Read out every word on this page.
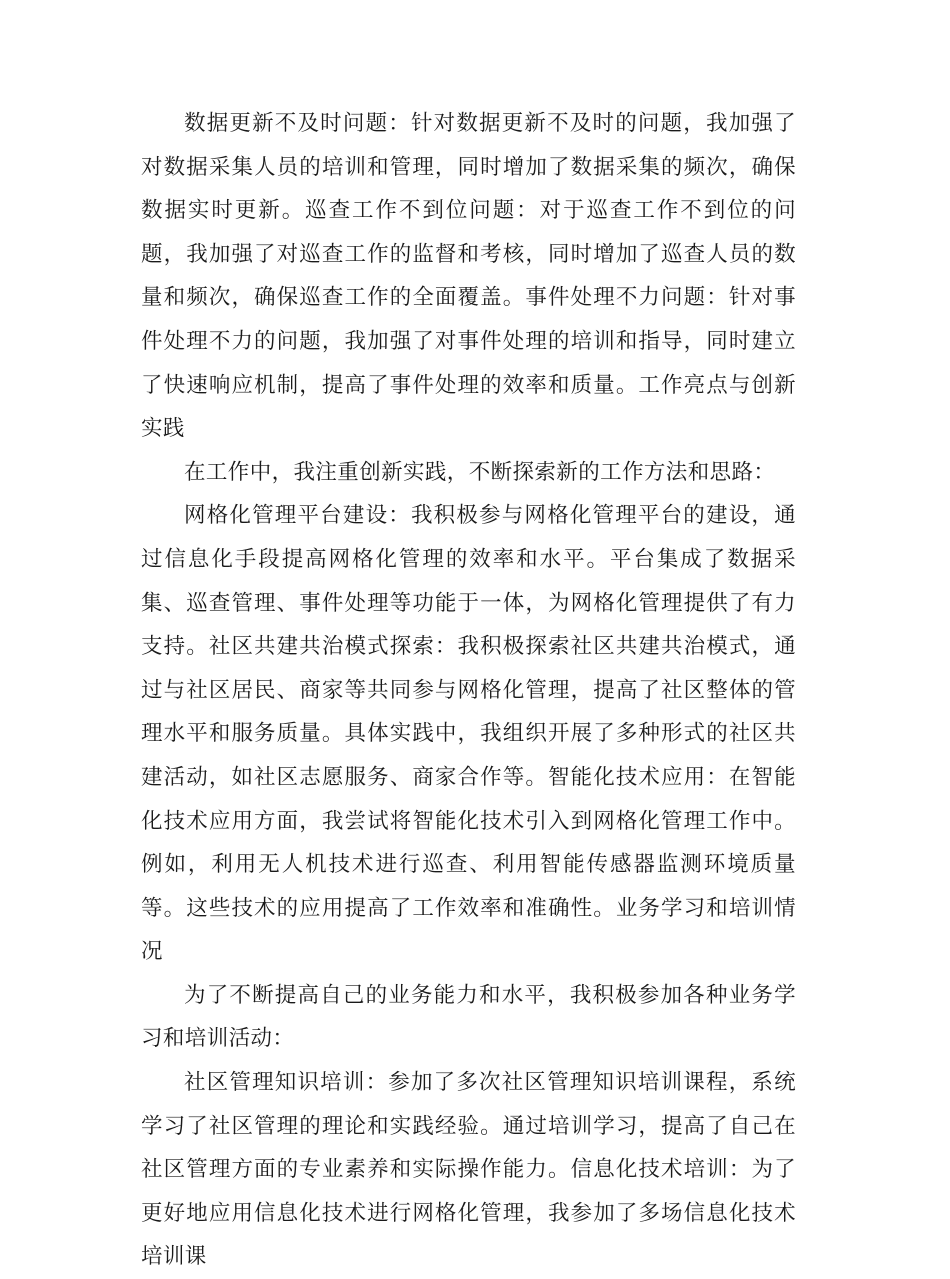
数据更新不及时问题：针对数据更新不及时的问题，我加强了对数据采集人员的培训和管理，同时增加了数据采集的频次，确保数据实时更新。巡查工作不到位问题：对于巡查工作不到位的问题，我加强了对巡查工作的监督和考核，同时增加了巡查人员的数量和频次，确保巡查工作的全面覆盖。事件处理不力问题：针对事件处理不力的问题，我加强了对事件处理的培训和指导，同时建立了快速响应机制，提高了事件处理的效率和质量。工作亮点与创新实践

在工作中，我注重创新实践，不断探索新的工作方法和思路：

网格化管理平台建设：我积极参与网格化管理平台的建设，通过信息化手段提高网格化管理的效率和水平。平台集成了数据采集、巡查管理、事件处理等功能于一体，为网格化管理提供了有力支持。社区共建共治模式探索：我积极探索社区共建共治模式，通过与社区居民、商家等共同参与网格化管理，提高了社区整体的管理水平和服务质量。具体实践中，我组织开展了多种形式的社区共建活动，如社区志愿服务、商家合作等。智能化技术应用：在智能化技术应用方面，我尝试将智能化技术引入到网格化管理工作中。例如，利用无人机技术进行巡查、利用智能传感器监测环境质量等。这些技术的应用提高了工作效率和准确性。业务学习和培训情况

为了不断提高自己的业务能力和水平，我积极参加各种业务学习和培训活动：

社区管理知识培训：参加了多次社区管理知识培训课程，系统学习了社区管理的理论和实践经验。通过培训学习，提高了自己在社区管理方面的专业素养和实际操作能力。信息化技术培训：为了更好地应用信息化技术进行网格化管理，我参加了多场信息化技术培训课
